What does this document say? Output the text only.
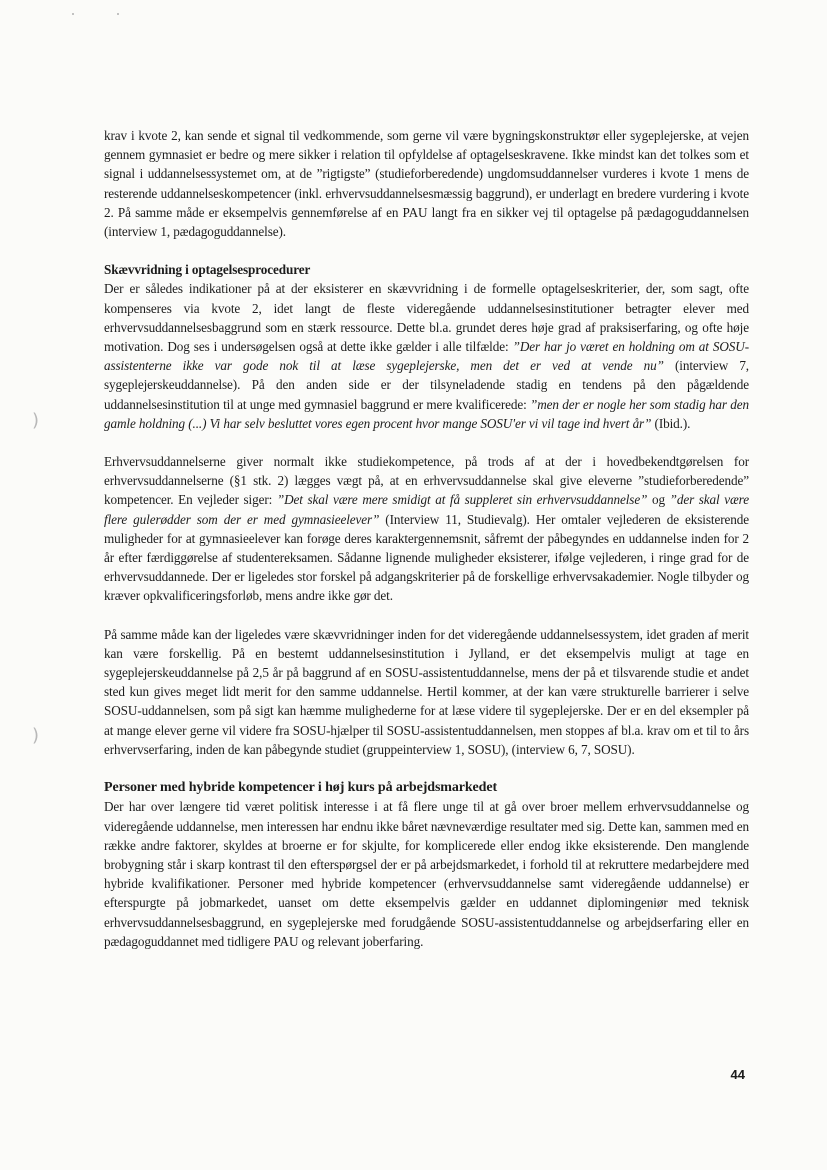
)
)

krav i kvote 2, kan sende et signal til vedkommende, som gerne vil være bygningskonstruktør eller sygeplejerske, at vejen gennem gymnasiet er bedre og mere sikker i relation til opfyldelse af optagelseskravene. Ikke mindst kan det tolkes som et signal i uddannelsessystemet om, at de ”rigtigste” (studieforberedende) ungdomsuddannelser vurderes i kvote 1 mens de resterende uddannelseskompetencer (inkl. erhvervsuddannelsesmæssig baggrund), er underlagt en bredere vurdering i kvote 2. På samme måde er eksempelvis gennemførelse af en PAU langt fra en sikker vej til optagelse på pædagoguddannelsen (interview 1, pædagoguddannelse).

Skævvridning i optagelsesprocedurer

Der er således indikationer på at der eksisterer en skævvridning i de formelle optagelseskriterier, der, som sagt, ofte kompenseres via kvote 2, idet langt de fleste videregående uddannelsesinstitutioner betragter elever med erhvervsuddannelsesbaggrund som en stærk ressource. Dette bl.a. grundet deres høje grad af praksiserfaring, og ofte høje motivation. Dog ses i undersøgelsen også at dette ikke gælder i alle tilfælde: ”Der har jo været en holdning om at SOSU-assistenterne ikke var gode nok til at læse sygeplejerske, men det er ved at vende nu” (interview 7, sygeplejerskeuddannelse). På den anden side er der tilsyneladende stadig en tendens på den pågældende uddannelsesinstitution til at unge med gymnasiel baggrund er mere kvalificerede: ”men der er nogle her som stadig har den gamle holdning (...) Vi har selv besluttet vores egen procent hvor mange SOSU'er vi vil tage ind hvert år” (Ibid.).

Erhvervsuddannelserne giver normalt ikke studiekompetence, på trods af at der i hovedbekendtgørelsen for erhvervsuddannelserne (§1 stk. 2) lægges vægt på, at en erhvervsuddannelse skal give eleverne ”studieforberedende” kompetencer. En vejleder siger: ”Det skal være mere smidigt at få suppleret sin erhvervsuddannelse” og ”der skal være flere gulerødder som der er med gymnasieelever” (Interview 11, Studievalg). Her omtaler vejlederen de eksisterende muligheder for at gymnasieelever kan forøge deres karaktergennemsnit, såfremt der påbegyndes en uddannelse inden for 2 år efter færdiggørelse af studentereksamen. Sådanne lignende muligheder eksisterer, ifølge vejlederen, i ringe grad for de erhvervsuddannede. Der er ligeledes stor forskel på adgangskriterier på de forskellige erhvervsakademier. Nogle tilbyder og kræver opkvalificeringsforløb, mens andre ikke gør det.

På samme måde kan der ligeledes være skævvridninger inden for det videregående uddannelsessystem, idet graden af merit kan være forskellig. På en bestemt uddannelsesinstitution i Jylland, er det eksempelvis muligt at tage en sygeplejerskeuddannelse på 2,5 år på baggrund af en SOSU-assistentuddannelse, mens der på et tilsvarende studie et andet sted kun gives meget lidt merit for den samme uddannelse. Hertil kommer, at der kan være strukturelle barrierer i selve SOSU-uddannelsen, som på sigt kan hæmme mulighederne for at læse videre til sygeplejerske. Der er en del eksempler på at mange elever gerne vil videre fra SOSU-hjælper til SOSU-assistentuddannelsen, men stoppes af bl.a. krav om et til to års erhvervserfaring, inden de kan påbegynde studiet (gruppeinterview 1, SOSU), (interview 6, 7, SOSU).

Personer med hybride kompetencer i høj kurs på arbejdsmarkedet

Der har over længere tid været politisk interesse i at få flere unge til at gå over broer mellem erhvervsuddannelse og videregående uddannelse, men interessen har endnu ikke båret nævneværdige resultater med sig. Dette kan, sammen med en række andre faktorer, skyldes at broerne er for skjulte, for komplicerede eller endog ikke eksisterende. Den manglende brobygning står i skarp kontrast til den efterspørgsel der er på arbejdsmarkedet, i forhold til at rekruttere medarbejdere med hybride kvalifikationer. Personer med hybride kompetencer (erhvervsuddannelse samt videregående uddannelse) er efterspurgte på jobmarkedet, uanset om dette eksempelvis gælder en uddannet diplomingeniør med teknisk erhvervsuddannelsesbaggrund, en sygeplejerske med forudgående SOSU-assistentuddannelse og arbejdserfaring eller en pædagoguddannet med tidligere PAU og relevant joberfaring.

44
